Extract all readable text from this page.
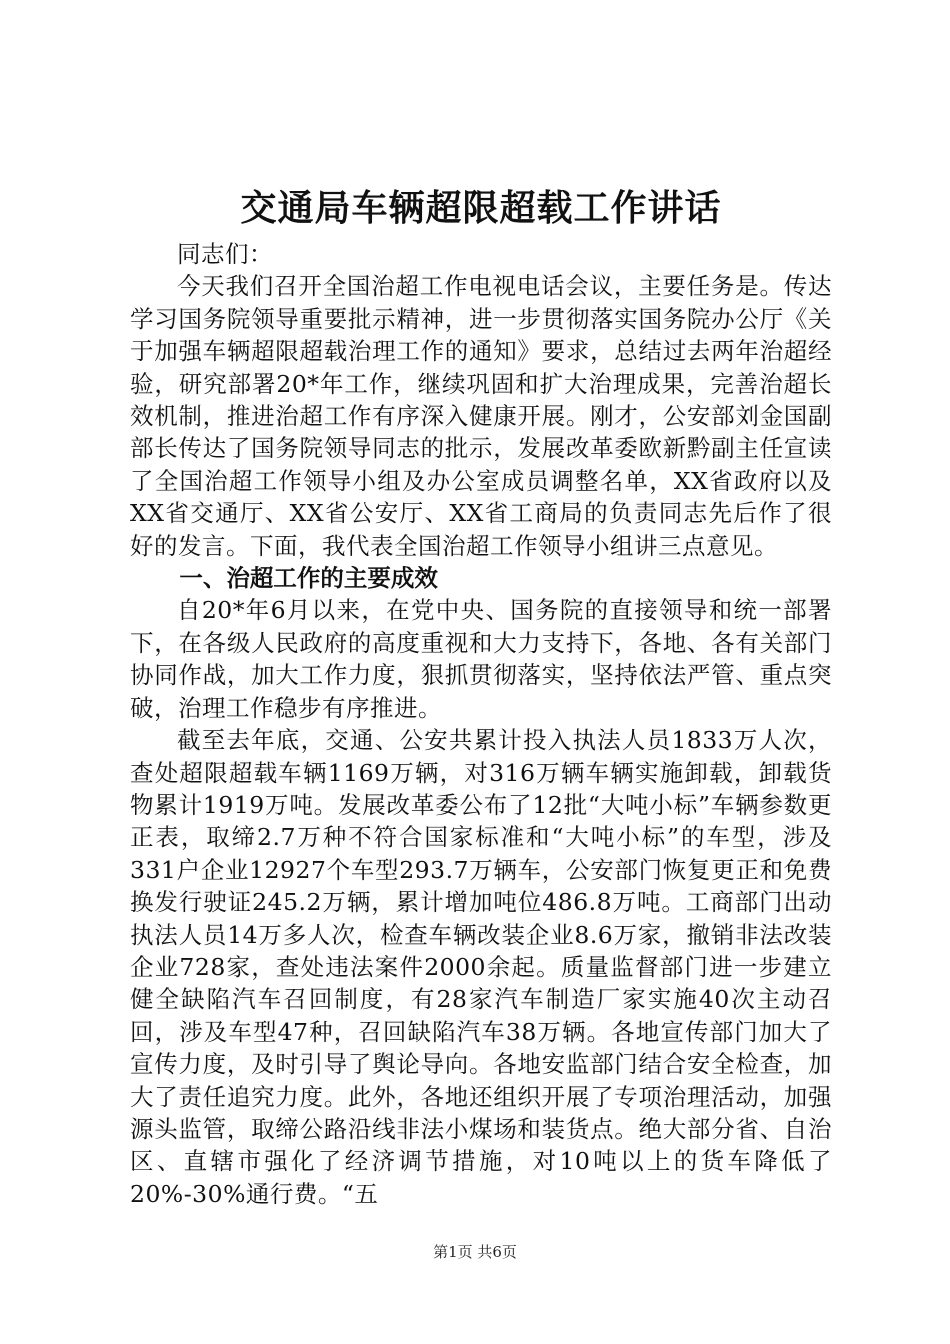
交通局车辆超限超载工作讲话

同志们：

今天我们召开全国治超工作电视电话会议，主要任务是。传达学习国务院领导重要批示精神，进一步贯彻落实国务院办公厅《关于加强车辆超限超载治理工作的通知》要求，总结过去两年治超经验，研究部署20*年工作，继续巩固和扩大治理成果，完善治超长效机制，推进治超工作有序深入健康开展。刚才，公安部刘金国副部长传达了国务院领导同志的批示，发展改革委欧新黔副主任宣读了全国治超工作领导小组及办公室成员调整名单，XX省政府以及XX省交通厅、XX省公安厅、XX省工商局的负责同志先后作了很好的发言。下面，我代表全国治超工作领导小组讲三点意见。

一、治超工作的主要成效

自20*年6月以来，在党中央、国务院的直接领导和统一部署下，在各级人民政府的高度重视和大力支持下，各地、各有关部门协同作战，加大工作力度，狠抓贯彻落实，坚持依法严管、重点突破，治理工作稳步有序推进。

截至去年底，交通、公安共累计投入执法人员1833万人次，查处超限超载车辆1169万辆，对316万辆车辆实施卸载，卸载货物累计1919万吨。发展改革委公布了12批“大吨小标”车辆参数更正表，取缔2.7万种不符合国家标准和“大吨小标”的车型，涉及331户企业12927个车型293.7万辆车，公安部门恢复更正和免费换发行驶证245.2万辆，累计增加吨位486.8万吨。工商部门出动执法人员14万多人次，检查车辆改装企业8.6万家，撤销非法改装企业728家，查处违法案件2000余起。质量监督部门进一步建立健全缺陷汽车召回制度，有28家汽车制造厂家实施40次主动召回，涉及车型47种，召回缺陷汽车38万辆。各地宣传部门加大了宣传力度，及时引导了舆论导向。各地安监部门结合安全检查，加大了责任追究力度。此外，各地还组织开展了专项治理活动，加强源头监管，取缔公路沿线非法小煤场和装货点。绝大部分省、自治区、直辖市强化了经济调节措施，对10吨以上的货车降低了20%-30%通行费。“五

第1页 共6页
